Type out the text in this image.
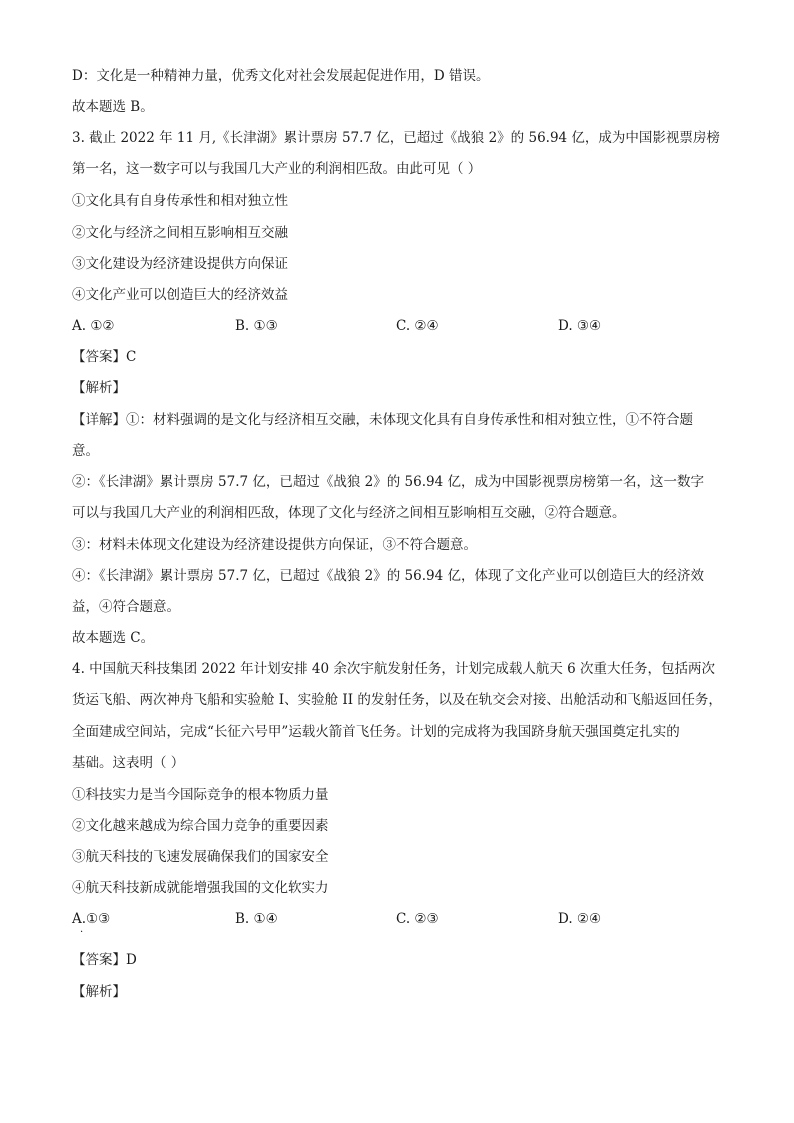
D：文化是一种精神力量，优秀文化对社会发展起促进作用，D 错误。
故本题选 B。
3. 截止 2022 年 11 月,《长津湖》累计票房 57.7 亿，已超过《战狼 2》的 56.94 亿，成为中国影视票房榜
第一名，这一数字可以与我国几大产业的利润相匹敌。由此可见（ ）
①文化具有自身传承性和相对独立性
②文化与经济之间相互影响相互交融
③文化建设为经济建设提供方向保证
④文化产业可以创造巨大的经济效益
A. ①②	B. ①③	C. ②④	D. ③④
【答案】C
【解析】
【详解】①：材料强调的是文化与经济相互交融，未体现文化具有自身传承性和相对独立性，①不符合题
意。
②：《长津湖》累计票房 57.7 亿，已超过《战狼 2》的 56.94 亿，成为中国影视票房榜第一名，这一数字
可以与我国几大产业的利润相匹敌，体现了文化与经济之间相互影响相互交融，②符合题意。
③：材料未体现文化建设为经济建设提供方向保证，③不符合题意。
④：《长津湖》累计票房 57.7 亿，已超过《战狼 2》的 56.94 亿，体现了文化产业可以创造巨大的经济效
益，④符合题意。
故本题选 C。
4. 中国航天科技集团 2022 年计划安排 40 余次宇航发射任务，计划完成载人航天 6 次重大任务，包括两次
货运飞船、两次神舟飞船和实验舱 I、实验舱 II 的发射任务，以及在轨交会对接、出舱活动和飞船返回任务，
全面建成空间站，完成“长征六号甲”运载火箭首飞任务。计划的完成将为我国跻身航天强国奠定扎实的
基础。这表明（ ）
①科技实力是当今国际竞争的根本物质力量
②文化越来越成为综合国力竞争的重要因素
③航天科技的飞速发展确保我们的国家安全
④航天科技新成就能增强我国的文化软实力
A.①③	B. ①④	C. ②③	D. ②④
·
【答案】D
【解析】
